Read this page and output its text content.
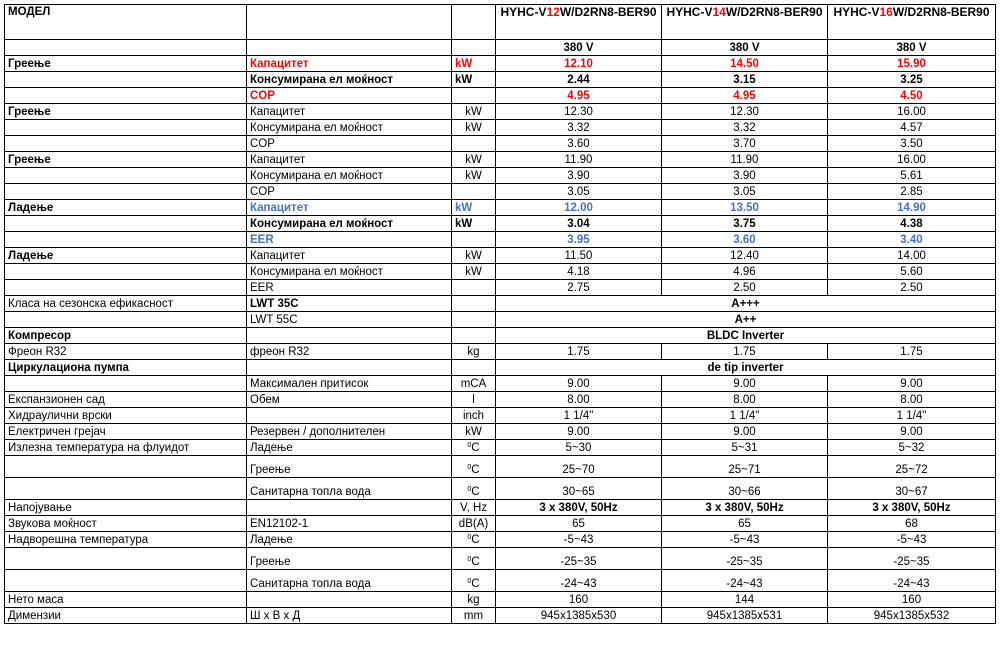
МОДЕЛ			HYHC-V12W/D2RN8-BER90	HYHC-V14W/D2RN8-BER90	HYHC-V16W/D2RN8-BER90
			380 V	380 V	380 V
Греење	Капацитет	kW	12.10	14.50	15.90
	Консумирана ел моќност	kW	2.44	3.15	3.25
	COP		4.95	4.95	4.50
Греење	Капацитет	kW	12.30	12.30	16.00
	Консумирана ел моќност	kW	3.32	3.32	4.57
	COP		3.60	3.70	3.50
Греење	Капацитет	kW	11.90	11.90	16.00
	Консумирана ел моќност	kW	3.90	3.90	5.61
	COP		3.05	3.05	2.85
Ладење	Капацитет	kW	12.00	13.50	14.90
	Консумирана ел моќност	kW	3.04	3.75	4.38
	EER		3.95	3.60	3.40
Ладење	Капацитет	kW	11.50	12.40	14.00
	Консумирана ел моќност	kW	4.18	4.96	5.60
	EER		2.75	2.50	2.50
Класа на сезонска ефикасност	LWT 35C		A+++		
	LWT 55C		A++		
Компресор			BLDC Inverter		
Фреон R32	фреон R32	kg	1.75	1.75	1.75
Циркулациона пумпа			de tip inverter		
	Максимален притисок	mCA	9.00	9.00	9.00
Експанзионен сад	Обем	l	8.00	8.00	8.00
Хидраулични врски		inch	1 1/4"	1 1/4"	1 1/4"
Електричен грејач	Резервен / дополнителен	kW	9.00	9.00	9.00
Излезна температура на флуидот	Ладење	$^0$C	5~30	5~31	5~32
	Греење	$^0$C	25~70	25~71	25~72
	Санитарна топла вода	$^0$C	30~65	30~66	30~67
Напојување		V, Hz	3 x 380V, 50Hz	3 x 380V, 50Hz	3 x 380V, 50Hz
Звукова моќност	EN12102-1	dB(A)	65	65	68
Надворешна температура	Ладење	$^0$C	-5~43	-5~43	-5~43
	Греење	$^0$C	-25~35	-25~35	-25~35
	Санитарна топла вода	$^0$C	-24~43	-24~43	-24~43
Нето маса		kg	160	144	160
Димензии	Ш x В x Д	mm	945x1385x530	945x1385x531	945x1385x532
